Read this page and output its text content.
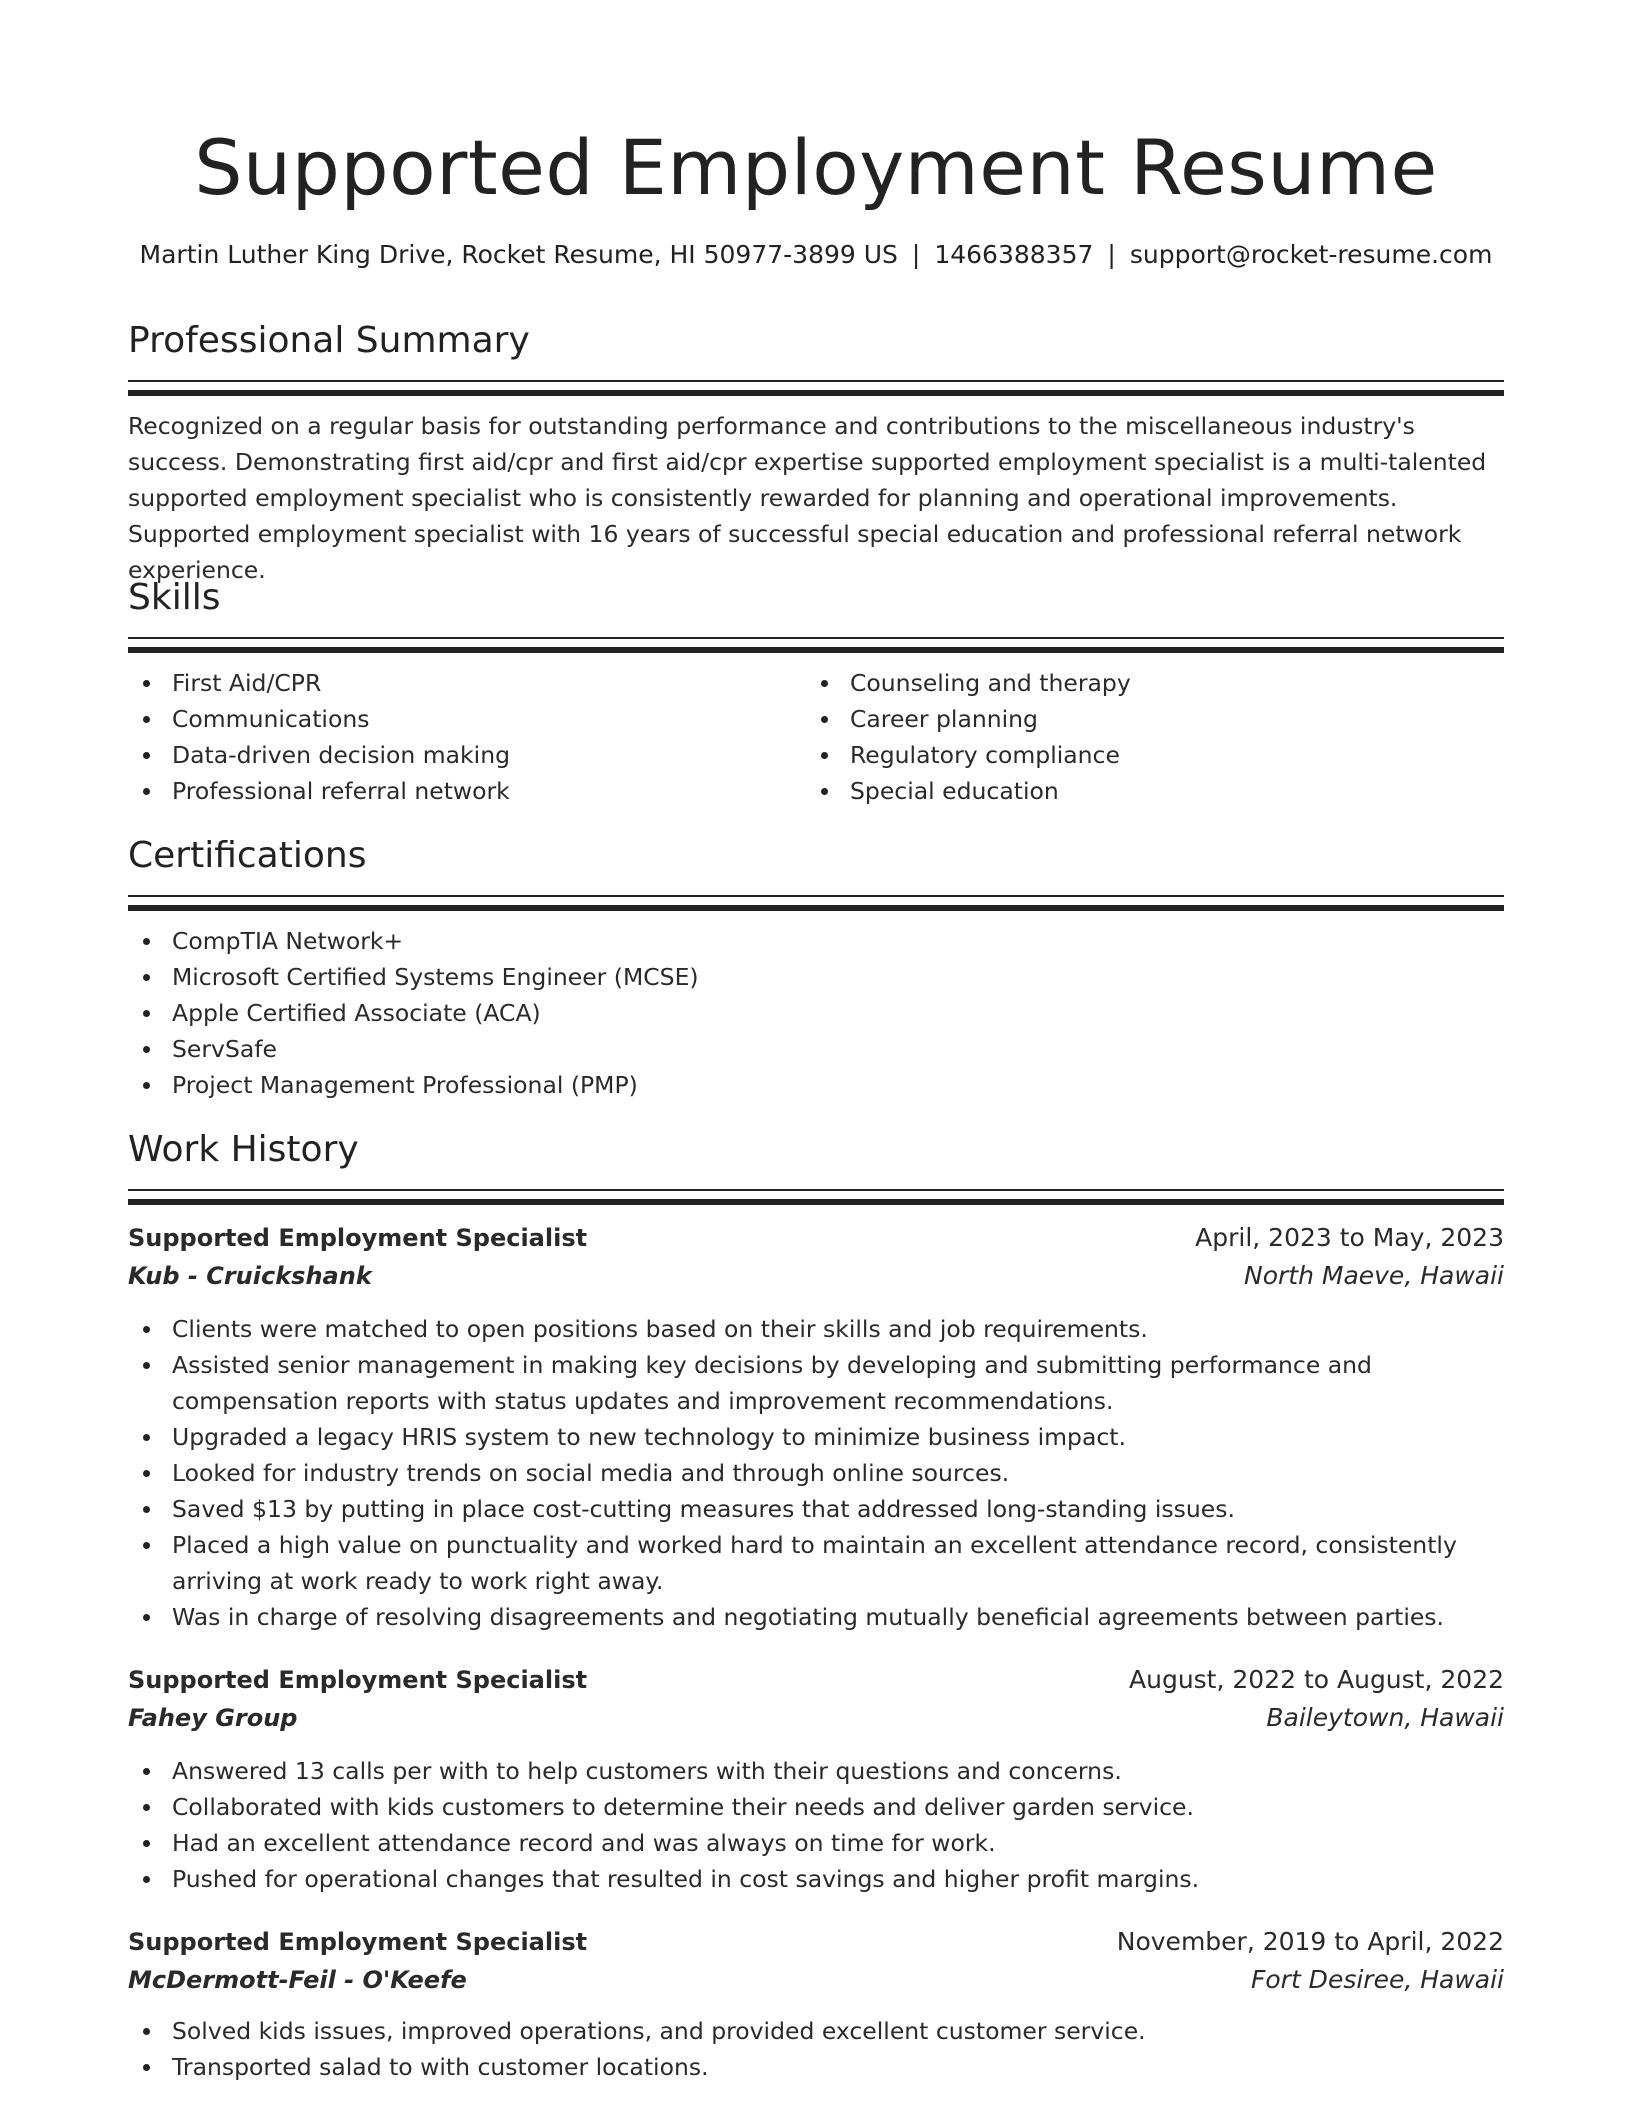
Supported Employment Resume
Martin Luther King Drive, Rocket Resume, HI 50977-3899 US | 1466388357 | support@rocket-resume.com
Professional Summary

Recognized on a regular basis for outstanding performance and contributions to the miscellaneous industry's success. Demonstrating first aid/cpr and first aid/cpr expertise supported employment specialist is a multi-talented supported employment specialist who is consistently rewarded for planning and operational improvements. Supported employment specialist with 16 years of successful special education and professional referral network experience.

Skills
First Aid/CPR
Communications
Data-driven decision making
Professional referral network
Counseling and therapy
Career planning
Regulatory compliance
Special education
Certifications
CompTIA Network+
Microsoft Certified Systems Engineer (MCSE)
Apple Certified Associate (ACA)
ServSafe
Project Management Professional (PMP)
Work History
Supported Employment Specialist	April, 2023 to May, 2023
Kub - Cruickshank	North Maeve, Hawaii
Clients were matched to open positions based on their skills and job requirements.
Assisted senior management in making key decisions by developing and submitting performance and compensation reports with status updates and improvement recommendations.
Upgraded a legacy HRIS system to new technology to minimize business impact.
Looked for industry trends on social media and through online sources.
Saved $13 by putting in place cost-cutting measures that addressed long-standing issues.
Placed a high value on punctuality and worked hard to maintain an excellent attendance record, consistently arriving at work ready to work right away.
Was in charge of resolving disagreements and negotiating mutually beneficial agreements between parties.
Supported Employment Specialist	August, 2022 to August, 2022
Fahey Group	Baileytown, Hawaii
Answered 13 calls per with to help customers with their questions and concerns.
Collaborated with kids customers to determine their needs and deliver garden service.
Had an excellent attendance record and was always on time for work.
Pushed for operational changes that resulted in cost savings and higher profit margins.
Supported Employment Specialist	November, 2019 to April, 2022
McDermott-Feil - O'Keefe	Fort Desiree, Hawaii
Solved kids issues, improved operations, and provided excellent customer service.
Transported salad to with customer locations.
